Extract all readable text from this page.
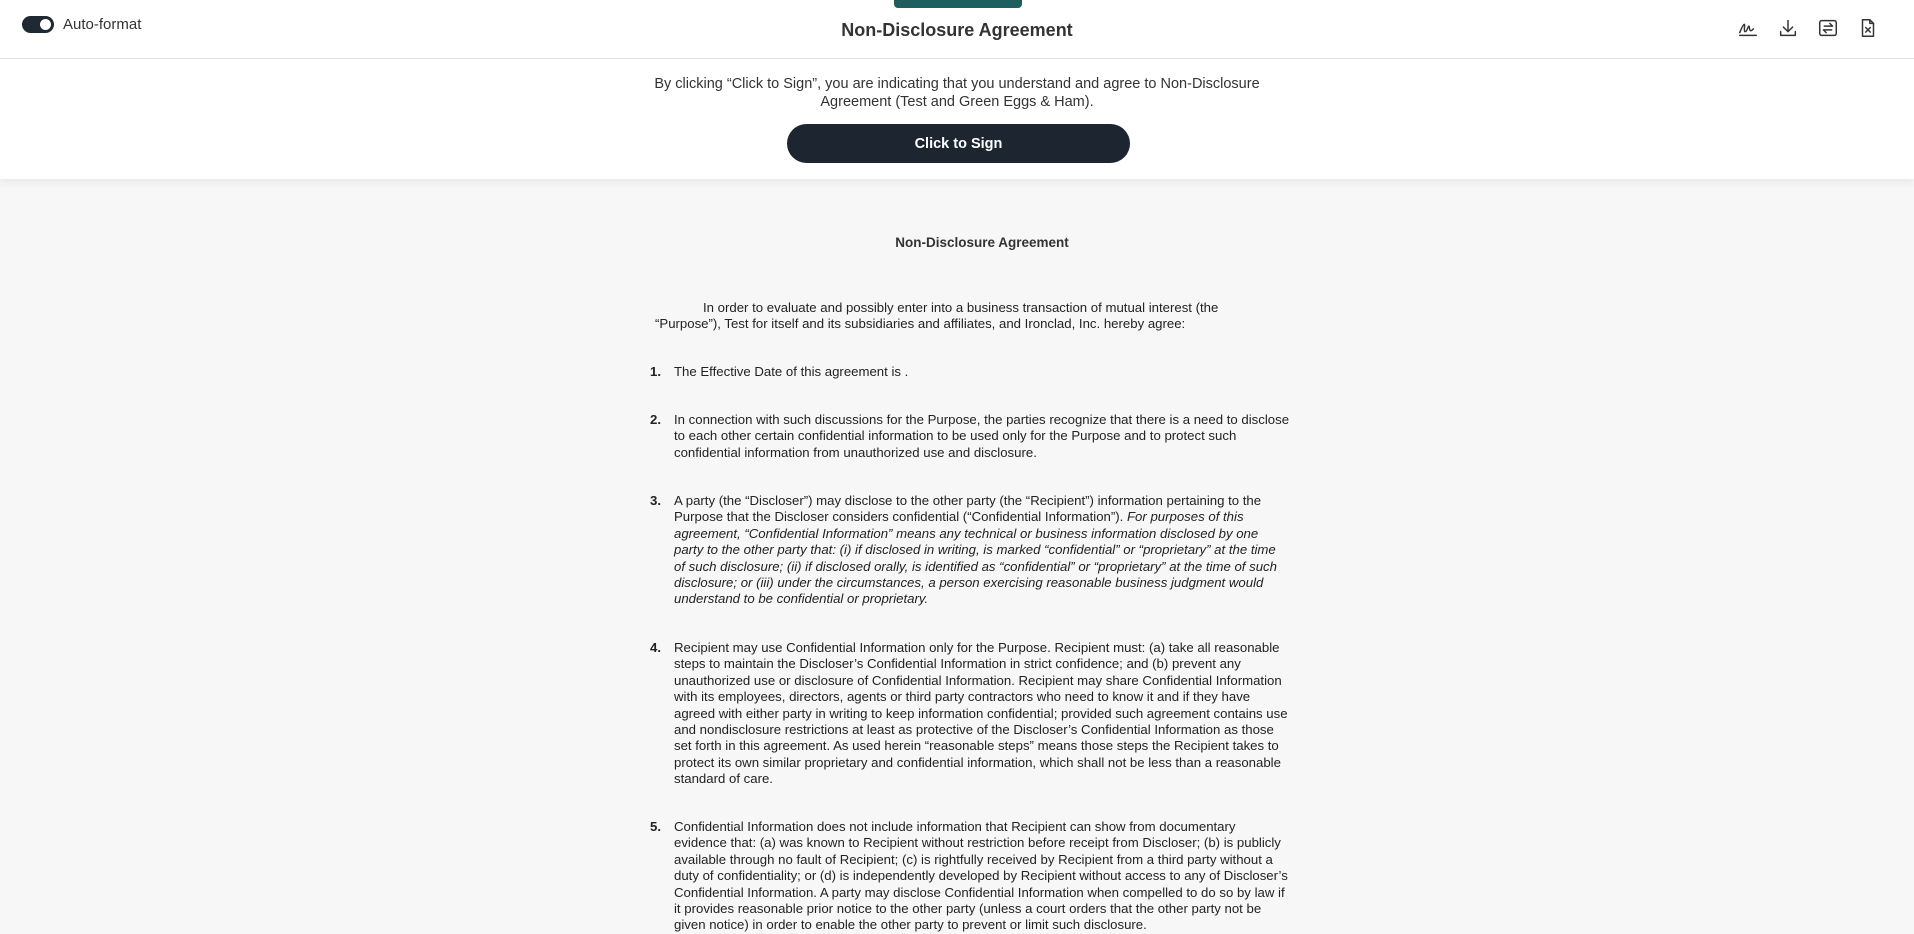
Auto-format	Non-Disclosure Agreement
By clicking “Click to Sign”, you are indicating that you understand and agree to Non-Disclosure
Agreement (Test and Green Eggs & Ham).
Click to Sign
Non-Disclosure Agreement
In order to evaluate and possibly enter into a business transaction of mutual interest (the “Purpose”), Test for itself and its subsidiaries and affiliates, and Ironclad, Inc. hereby agree:
1. The Effective Date of this agreement is .
2. In connection with such discussions for the Purpose, the parties recognize that there is a need to disclose to each other certain confidential information to be used only for the Purpose and to protect such confidential information from unauthorized use and disclosure.
3. A party (the “Discloser”) may disclose to the other party (the “Recipient”) information pertaining to the Purpose that the Discloser considers confidential (“Confidential Information”). For purposes of this agreement, “Confidential Information” means any technical or business information disclosed by one party to the other party that: (i) if disclosed in writing, is marked “confidential” or “proprietary” at the time of such disclosure; (ii) if disclosed orally, is identified as “confidential” or “proprietary” at the time of such disclosure; or (iii) under the circumstances, a person exercising reasonable business judgment would understand to be confidential or proprietary.
4. Recipient may use Confidential Information only for the Purpose. Recipient must: (a) take all reasonable steps to maintain the Discloser’s Confidential Information in strict confidence; and (b) prevent any unauthorized use or disclosure of Confidential Information. Recipient may share Confidential Information with its employees, directors, agents or third party contractors who need to know it and if they have agreed with either party in writing to keep information confidential; provided such agreement contains use and nondisclosure restrictions at least as protective of the Discloser’s Confidential Information as those set forth in this agreement. As used herein “reasonable steps” means those steps the Recipient takes to protect its own similar proprietary and confidential information, which shall not be less than a reasonable standard of care.
5. Confidential Information does not include information that Recipient can show from documentary evidence that: (a) was known to Recipient without restriction before receipt from Discloser; (b) is publicly available through no fault of Recipient; (c) is rightfully received by Recipient from a third party without a duty of confidentiality; or (d) is independently developed by Recipient without access to any of Discloser’s Confidential Information. A party may disclose Confidential Information when compelled to do so by law if it provides reasonable prior notice to the other party (unless a court orders that the other party not be given notice) in order to enable the other party to prevent or limit such disclosure.
